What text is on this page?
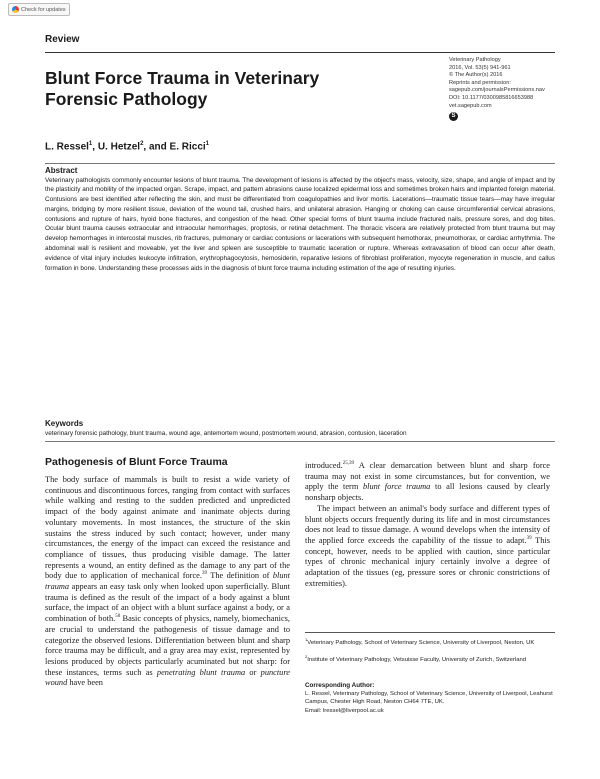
Check for updates
Review
Blunt Force Trauma in Veterinary Forensic Pathology
Veterinary Pathology
2016, Vol. 53(5) 941-961
© The Author(s) 2016
Reprints and permission:
sagepub.com/journalsPermissions.nav
DOI: 10.1177/0300985816653988
vet.sagepub.com
S
L. Ressel$^1$, U. Hetzel$^2$, and E. Ricci$^1$
Abstract
Veterinary pathologists commonly encounter lesions of blunt trauma. The development of lesions is affected by the object's mass, velocity, size, shape, and angle of impact and by the plasticity and mobility of the impacted organ. Scrape, impact, and pattern abrasions cause localized epidermal loss and sometimes broken hairs and implanted foreign material. Contusions are best identified after reflecting the skin, and must be differentiated from coagulopathies and livor mortis. Lacerations—traumatic tissue tears—may have irregular margins, bridging by more resilient tissue, deviation of the wound tail, crushed hairs, and unilateral abrasion. Hanging or choking can cause circumferential cervical abrasions, contusions and rupture of hairs, hyoid bone fractures, and congestion of the head. Other special forms of blunt trauma include fractured nails, pressure sores, and dog bites. Ocular blunt trauma causes extraocular and intraocular hemorrhages, proptosis, or retinal detachment. The thoracic viscera are relatively protected from blunt trauma but may develop hemorrhages in intercostal muscles, rib fractures, pulmonary or cardiac contusions or lacerations with subsequent hemothorax, pneumothorax, or cardiac arrhythmia. The abdominal wall is resilient and moveable, yet the liver and spleen are susceptible to traumatic laceration or rupture. Whereas extravasation of blood can occur after death, evidence of vital injury includes leukocyte infiltration, erythrophagocytosis, hemosiderin, reparative lesions of fibroblast proliferation, myocyte regeneration in muscle, and callus formation in bone. Understanding these processes aids in the diagnosis of blunt force trauma including estimation of the age of resulting injuries.
Keywords
veterinary forensic pathology, blunt trauma, wound age, antemortem wound, postmortem wound, abrasion, contusion, laceration
Pathogenesis of Blunt Force Trauma

The body surface of mammals is built to resist a wide variety of continuous and discontinuous forces, ranging from contact with surfaces while walking and resting to the sudden predicted and unpredicted impact of the body against animate and inanimate objects during voluntary movements. In most instances, the structure of the skin sustains the stress induced by such contact; however, under many circumstances, the energy of the impact can exceed the resistance and compliance of tissues, thus producing visible damage. The latter represents a wound, an entity defined as the damage to any part of the body due to application of mechanical force.$^{39}$ The definition of blunt trauma appears an easy task only when looked upon superficially. Blunt trauma is defined as the result of the impact of a body against a blunt surface, the impact of an object with a blunt surface against a body, or a combination of both.$^{50}$ Basic concepts of physics, namely, biomechanics, are crucial to understand the pathogenesis of tissue damage and to categorize the observed lesions. Differentiation between blunt and sharp force trauma may be difficult, and a gray area may exist, represented by lesions produced by objects particularly acuminated but not sharp: for these instances, terms such as penetrating blunt trauma or puncture wound have been

introduced.$^{25,39}$ A clear demarcation between blunt and sharp force trauma may not exist in some circumstances, but for convention, we apply the term blunt force trauma to all lesions caused by clearly nonsharp objects.

The impact between an animal's body surface and different types of blunt objects occurs frequently during its life and in most circumstances does not lead to tissue damage. A wound develops when the intensity of the applied force exceeds the capability of the tissue to adapt.$^{39}$ This concept, however, needs to be applied with caution, since particular types of chronic mechanical injury certainly involve a degree of adaptation of the tissues (eg, pressure sores or chronic constrictions of extremities).

$^1$Veterinary Pathology, School of Veterinary Science, University of Liverpool, Neston, UK
$^2$Institute of Veterinary Pathology, Vetsuisse Faculty, University of Zurich, Switzerland
Corresponding Author:
L. Ressel, Veterinary Pathology, School of Veterinary Science, University of Liverpool, Leahurst Campus, Chester High Road, Neston CH64 7TE, UK.
Email: lressel@liverpool.ac.uk
